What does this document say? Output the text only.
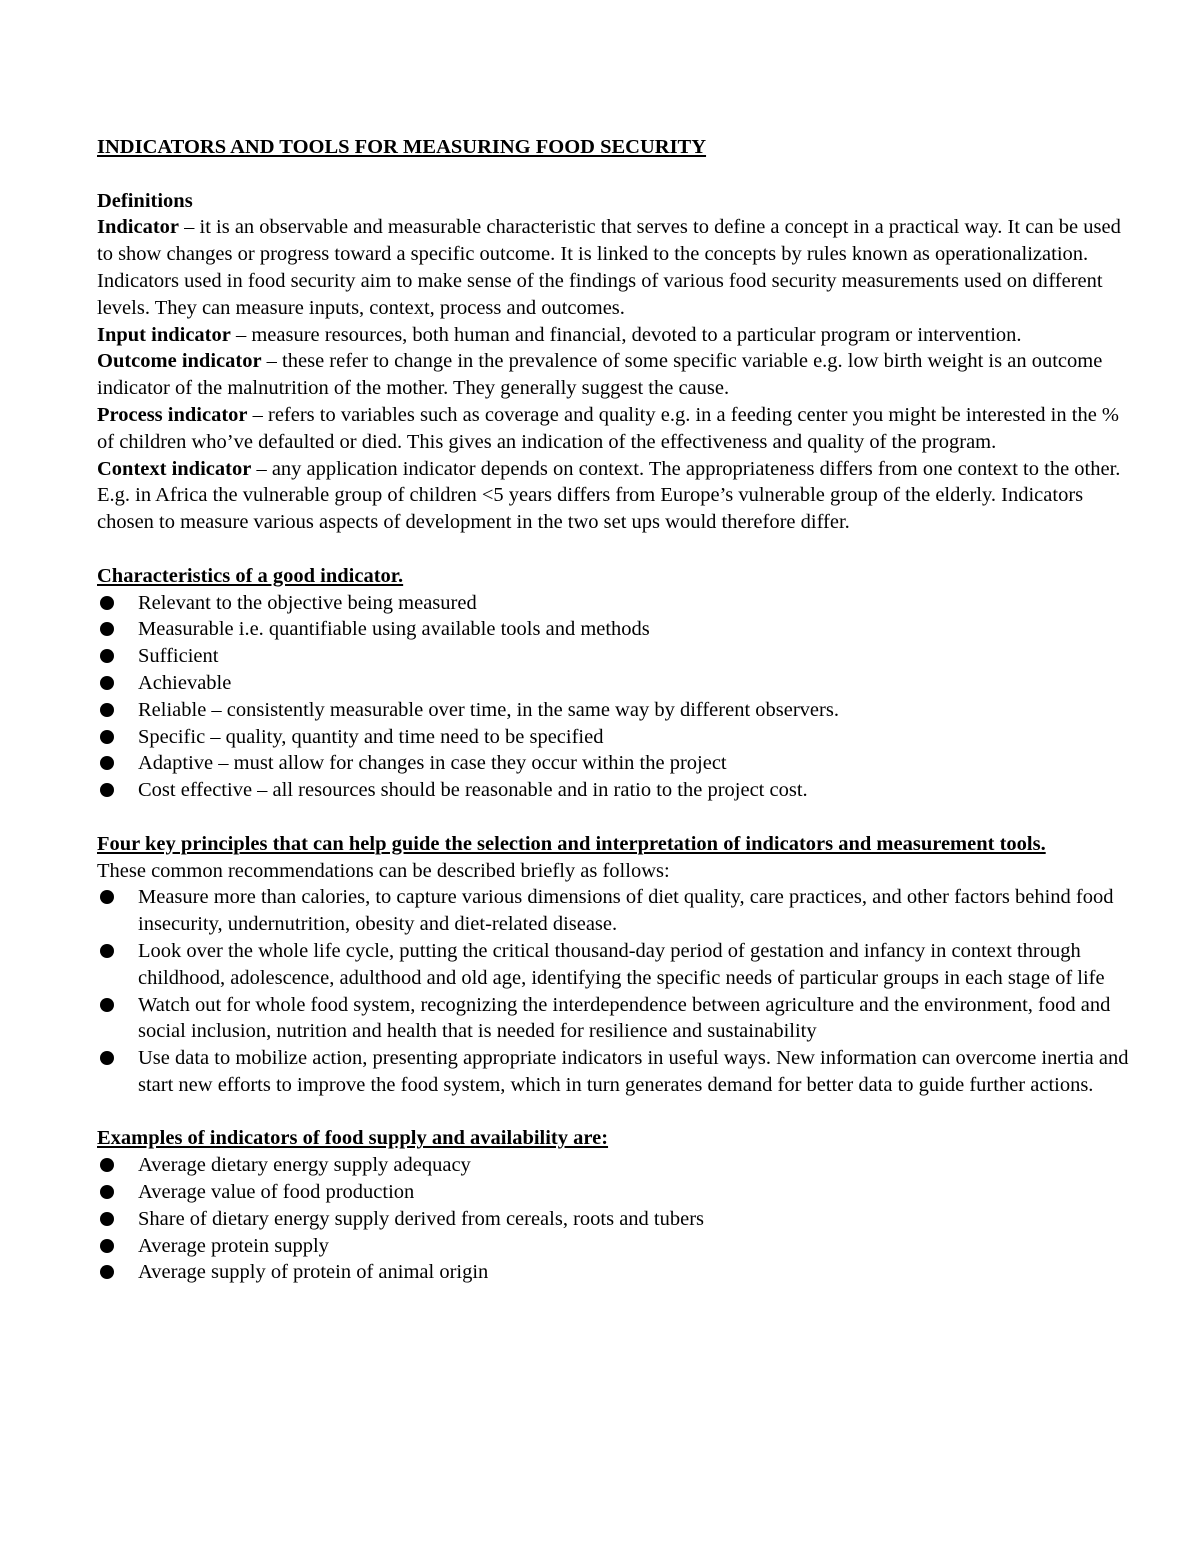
INDICATORS AND TOOLS FOR MEASURING FOOD SECURITY

Definitions

Indicator – it is an observable and measurable characteristic that serves to define a concept in a practical way. It can be used to show changes or progress toward a specific outcome. It is linked to the concepts by rules known as operationalization. Indicators used in food security aim to make sense of the findings of various food security measurements used on different levels. They can measure inputs, context, process and outcomes.

Input indicator – measure resources, both human and financial, devoted to a particular program or intervention.

Outcome indicator – these refer to change in the prevalence of some specific variable e.g. low birth weight is an outcome indicator of the malnutrition of the mother. They generally suggest the cause.

Process indicator – refers to variables such as coverage and quality e.g. in a feeding center you might be interested in the % of children who’ve defaulted or died. This gives an indication of the effectiveness and quality of the program.

Context indicator – any application indicator depends on context. The appropriateness differs from one context to the other. E.g. in Africa the vulnerable group of children <5 years differs from Europe’s vulnerable group of the elderly. Indicators chosen to measure various aspects of development in the two set ups would therefore differ.

Characteristics of a good indicator.

Relevant to the objective being measured
Measurable i.e. quantifiable using available tools and methods
Sufficient
Achievable
Reliable – consistently measurable over time, in the same way by different observers.
Specific – quality, quantity and time need to be specified
Adaptive – must allow for changes in case they occur within the project
Cost effective – all resources should be reasonable and in ratio to the project cost.

Four key principles that can help guide the selection and interpretation of indicators and measurement tools.

These common recommendations can be described briefly as follows:

Measure more than calories, to capture various dimensions of diet quality, care practices, and other factors behind food insecurity, undernutrition, obesity and diet-related disease.
Look over the whole life cycle, putting the critical thousand-day period of gestation and infancy in context through childhood, adolescence, adulthood and old age, identifying the specific needs of particular groups in each stage of life
Watch out for whole food system, recognizing the interdependence between agriculture and the environment, food and social inclusion, nutrition and health that is needed for resilience and sustainability
Use data to mobilize action, presenting appropriate indicators in useful ways. New information can overcome inertia and start new efforts to improve the food system, which in turn generates demand for better data to guide further actions.

Examples of indicators of food supply and availability are:

Average dietary energy supply adequacy
Average value of food production
Share of dietary energy supply derived from cereals, roots and tubers
Average protein supply
Average supply of protein of animal origin
